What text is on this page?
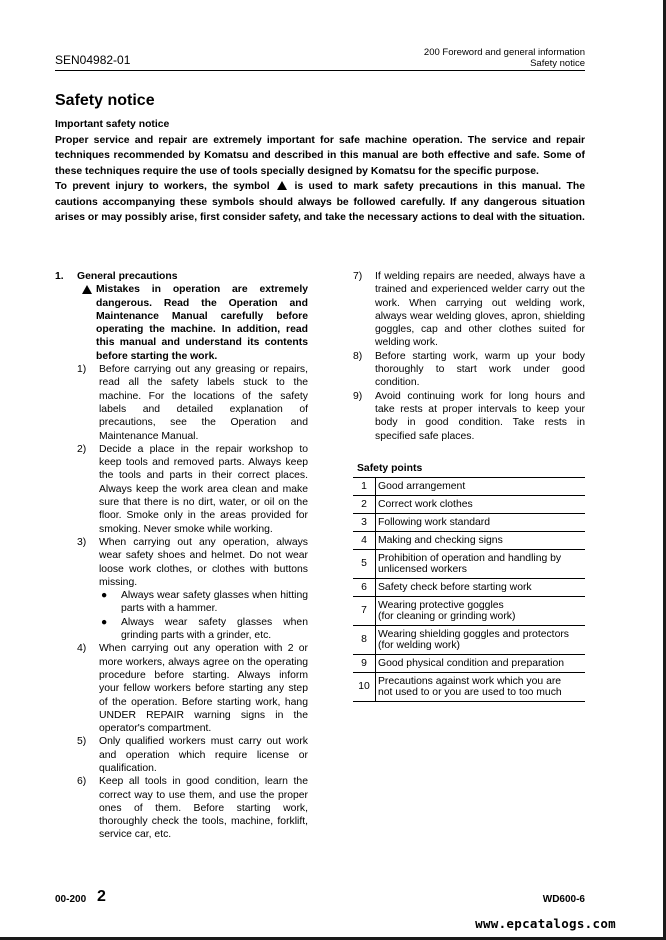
SEN04982-01
200 Foreword and general information
Safety notice
Safety notice

Important safety notice

Proper service and repair are extremely important for safe machine operation. The service and repair techniques recommended by Komatsu and described in this manual are both effective and safe. Some of these techniques require the use of tools specially designed by Komatsu for the specific purpose.

To prevent injury to workers, the symbol is used to mark safety precautions in this manual. The cautions accompanying these symbols should always be followed carefully. If any dangerous situation arises or may possibly arise, first consider safety, and take the necessary actions to deal with the situation.

1.	General precautions
Mistakes in operation are extremely dangerous. Read the Operation and Maintenance Manual carefully before operating the machine. In addition, read this manual and understand its contents before starting the work.
1)	Before carrying out any greasing or repairs, read all the safety labels stuck to the machine. For the locations of the safety labels and detailed explanation of precautions, see the Operation and Maintenance Manual.
2)	Decide a place in the repair workshop to keep tools and removed parts. Always keep the tools and parts in their correct places. Always keep the work area clean and make sure that there is no dirt, water, or oil on the floor. Smoke only in the areas provided for smoking. Never smoke while working.
3)	When carrying out any operation, always wear safety shoes and helmet. Do not wear loose work clothes, or clothes with buttons missing.
●	Always wear safety glasses when hitting parts with a hammer.
●	Always wear safety glasses when grinding parts with a grinder, etc.
4)	When carrying out any operation with 2 or more workers, always agree on the operating procedure before starting. Always inform your fellow workers before starting any step of the operation. Before starting work, hang UNDER REPAIR warning signs in the operator's compartment.
5)	Only qualified workers must carry out work and operation which require license or qualification.
6)	Keep all tools in good condition, learn the correct way to use them, and use the proper ones of them. Before starting work, thoroughly check the tools, machine, forklift, service car, etc.
7)	If welding repairs are needed, always have a trained and experienced welder carry out the work. When carrying out welding work, always wear welding gloves, apron, shielding goggles, cap and other clothes suited for welding work.
8)	Before starting work, warm up your body thoroughly to start work under good condition.
9)	Avoid continuing work for long hours and take rests at proper intervals to keep your body in good condition. Take rests in specified safe places.
Safety points
1	Good arrangement

2	Correct work clothes

3	Following work standard

4	Making and checking signs

5	Prohibition of operation and handling by
unlicensed workers

6	Safety check before starting work

7	Wearing protective goggles
(for cleaning or grinding work)

8	Wearing shielding goggles and protectors
(for welding work)

9	Good physical condition and preparation

10	Precautions against work which you are
not used to or you are used to too much
00-200 2	WD600-6
www.epcatalogs.com
